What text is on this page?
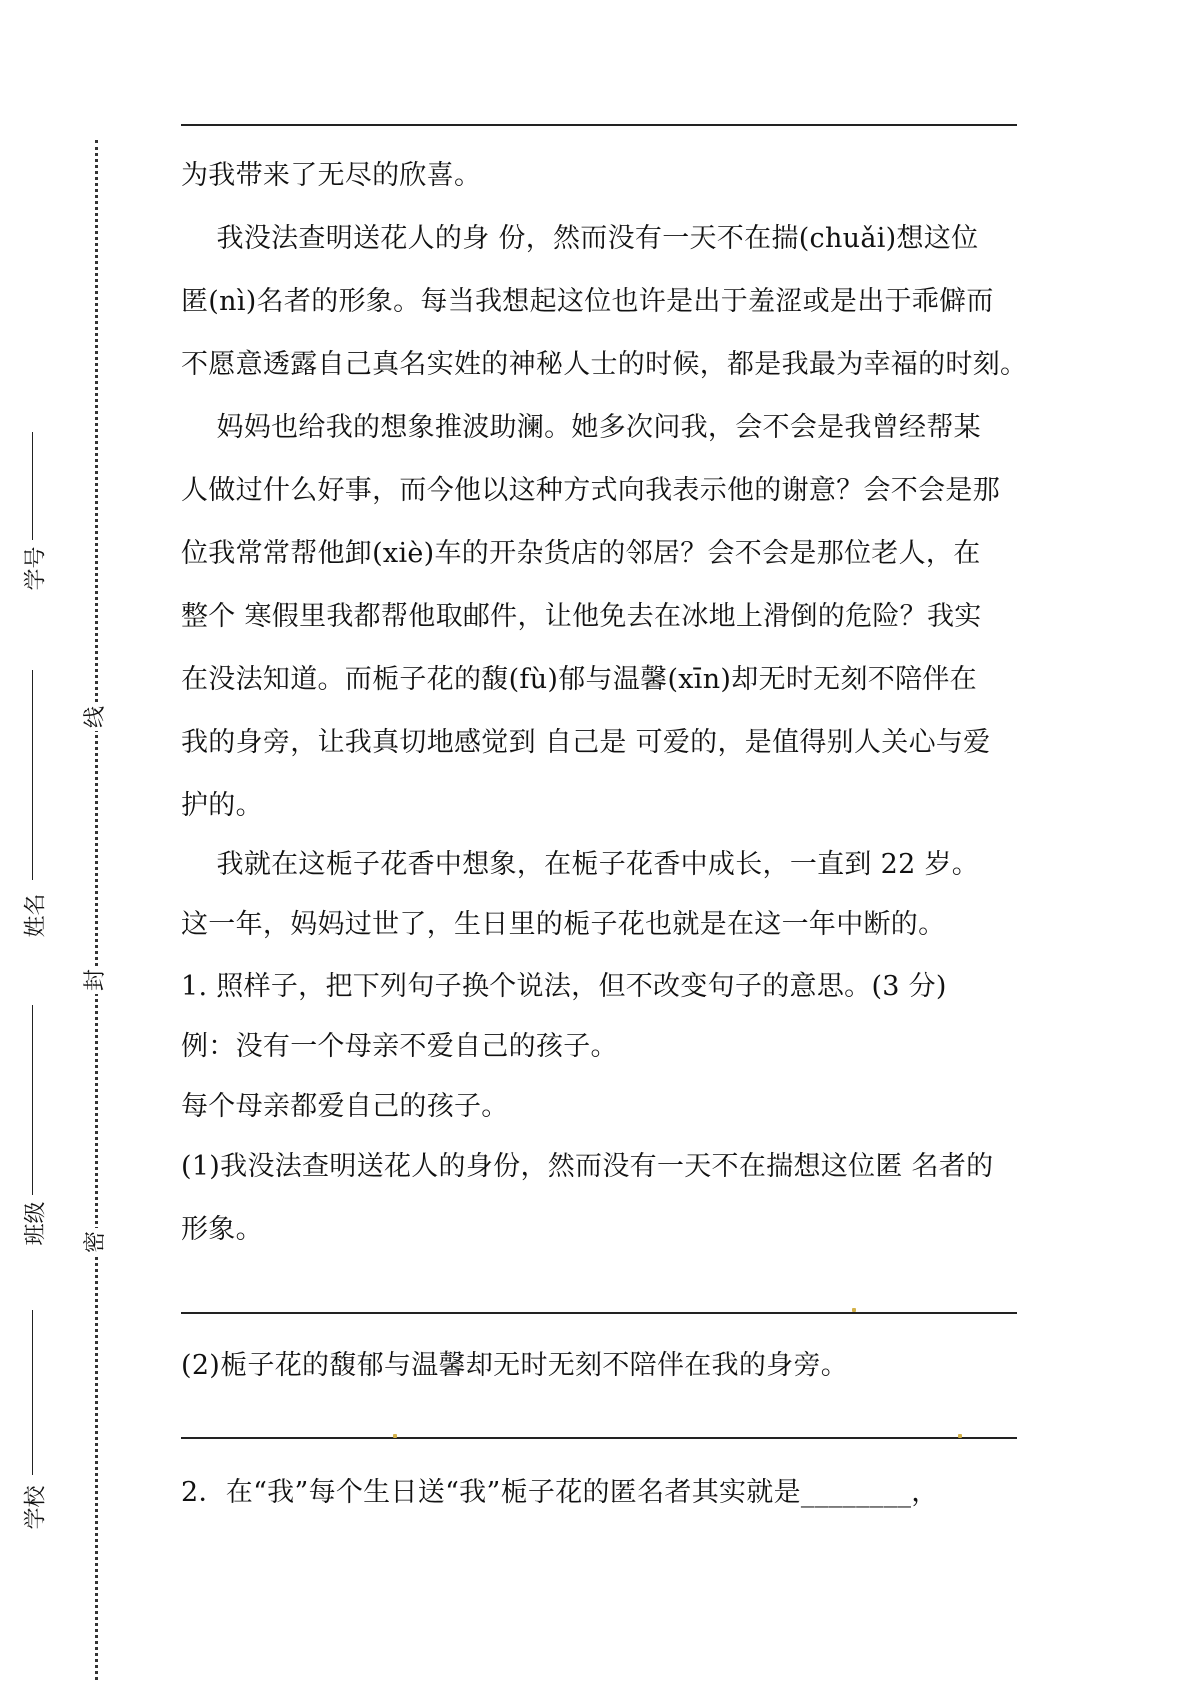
线
封
密
学号
姓名
班级
学校
为我带来了无尽的欣喜。
我没法查明送花人的身 份，然而没有一天不在揣(chuǎi)想这位
匿(nì)名者的形象。每当我想起这位也许是出于羞涩或是出于乖僻而
不愿意透露自己真名实姓的神秘人士的时候，都是我最为幸福的时刻。
妈妈也给我的想象推波助澜。她多次问我，会不会是我曾经帮某
人做过什么好事，而今他以这种方式向我表示他的谢意？会不会是那
位我常常帮他卸(xiè)车的开杂货店的邻居？会不会是那位老人，在
整个 寒假里我都帮他取邮件，让他免去在冰地上滑倒的危险？我实
在没法知道。而栀子花的馥(fù)郁与温馨(xīn)却无时无刻不陪伴在
我的身旁，让我真切地感觉到 自己是 可爱的，是值得别人关心与爱
护的。
我就在这栀子花香中想象，在栀子花香中成长，一直到 22 岁。
这一年，妈妈过世了，生日里的栀子花也就是在这一年中断的。
1. 照样子，把下列句子换个说法，但不改变句子的意思。(3 分)
例：没有一个母亲不爱自己的孩子。
每个母亲都爱自己的孩子。
(1)我没法查明送花人的身份，然而没有一天不在揣想这位匿 名者的
形象。
(2)栀子花的馥郁与温馨却无时无刻不陪伴在我的身旁。
2．在“我”每个生日送“我”栀子花的匿名者其实就是________，
